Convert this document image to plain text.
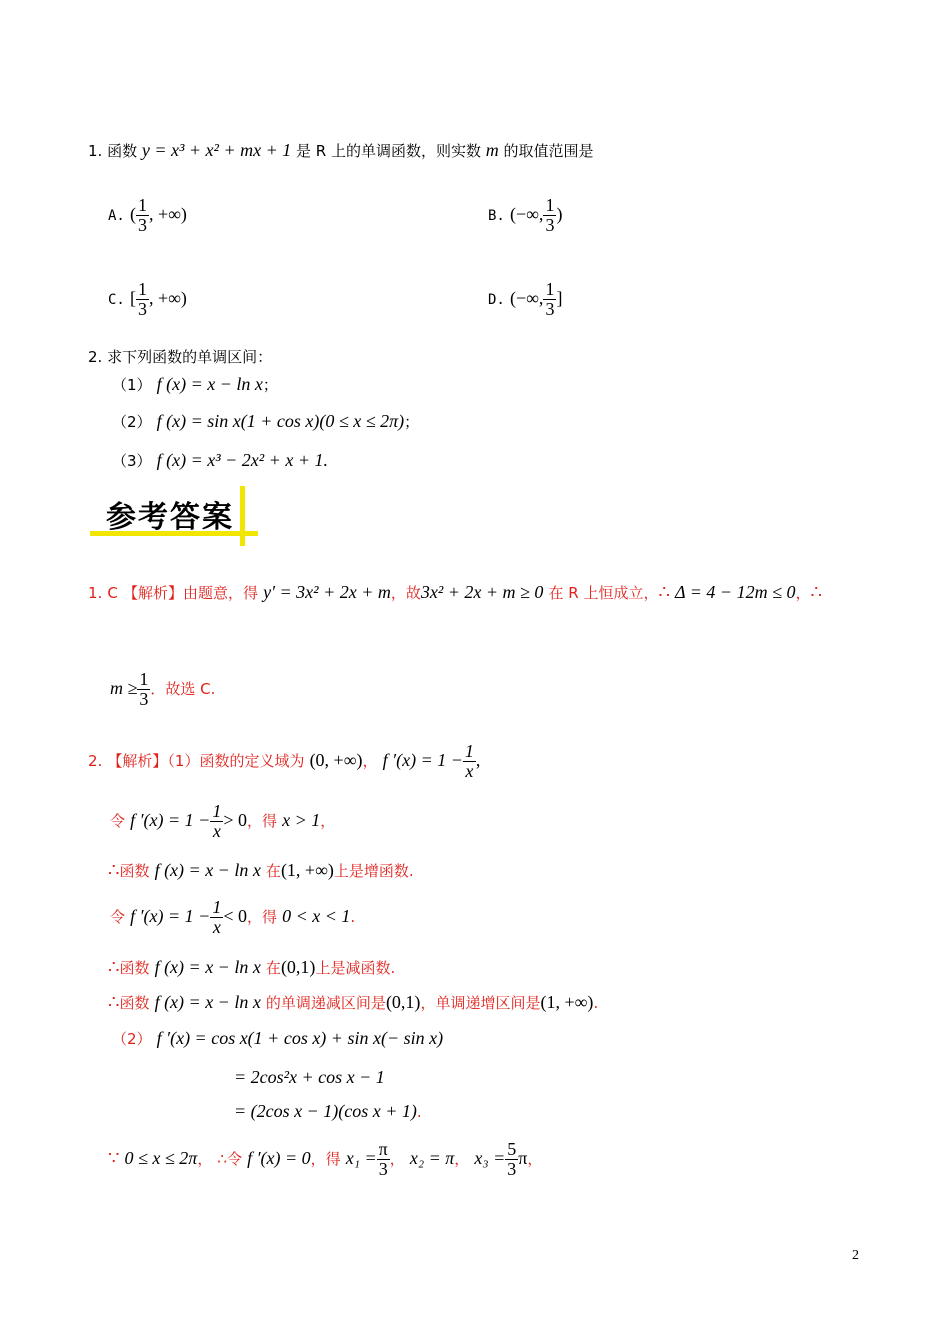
1. 函数 y = x³ + x² + mx + 1 是 R 上的单调函数，则实数 m 的取值范围是
A. ( $\frac{1}{3}$ , +∞)	B. (−∞, $\frac{1}{3}$ )
C. [ $\frac{1}{3}$ , +∞)	D. (−∞, $\frac{1}{3}$ ]
2. 求下列函数的单调区间：
（1） f (x) = x − ln x；
（2） f (x) = sin x(1 + cos x)(0 ≤ x ≤ 2π)；
（3） f (x) = x³ − 2x² + x + 1.
参考答案
1. C 【解析】由题意，得 y′ = 3x² + 2x + m，故3x² + 2x + m ≥ 0 在 R 上恒成立，∴ Δ = 4 − 12m ≤ 0，∴
$m \ge \frac{1}{3}$ ．故选 C.
2. 【解析】（1）函数的定义域为 (0, +∞)， f $'(x) = 1 - \frac{1}{x}$ ,
令 f $'(x) = 1 - \frac{1}{x} > 0$，得 x > 1，
∴函数 f (x) = x − ln x 在(1, +∞)上是增函数.
令 f $'(x) = 1 - \frac{1}{x} < 0$，得 0 < x < 1.
∴函数 f (x) = x − ln x 在(0,1)上是减函数.
∴函数 f (x) = x − ln x 的单调递减区间是(0,1)，单调递增区间是(1, +∞).
（2） f ′(x) = cos x(1 + cos x) + sin x(− sin x)
= 2cos²x + cos x − 1
= (2cos x − 1)(cos x + 1).
∵ 0 ≤ x ≤ 2π， ∴令 f ′(x) = 0，得 $x_1 = \frac{\pi}{3}$ ， x₂ = π， $x_3 = \frac{5}{3}$ π，
2
